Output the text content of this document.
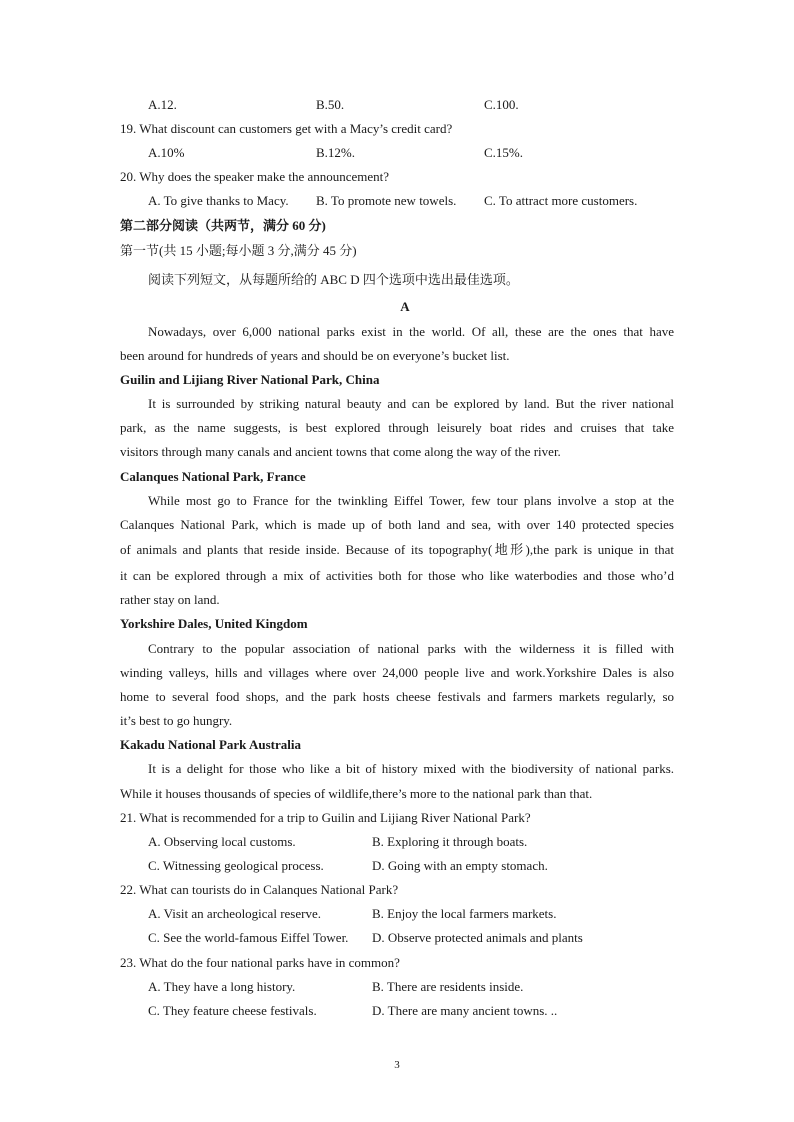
A.12.	B.50.	C.100.
19. What discount can customers get with a Macy’s credit card?
A.10%	B.12%.	C.15%.
20. Why does the speaker make the announcement?
A. To give thanks to Macy. B. To promote new towels. C. To attract more customers.
第二部分阅读（共两节，满分 60 分)
第一节(共 15 小题;每小题 3 分,满分 45 分)
阅读下列短文，从每题所给的 ABC D 四个选项中选出最佳选项。
A
Nowadays, over 6,000 national parks exist in the world. Of all, these are the ones that have
been around for hundreds of years and should be on everyone’s bucket list.
Guilin and Lijiang River National Park, China
It is surrounded by striking natural beauty and can be explored by land. But the river national
park, as the name suggests, is best explored through leisurely boat rides and cruises that take
visitors through many canals and ancient towns that come along the way of the river.
Calanques National Park, France
While most go to France for the twinkling Eiffel Tower, few tour plans involve a stop at the
Calanques National Park, which is made up of both land and sea, with over 140 protected species
of animals and plants that reside inside. Because of its topography(地形),the park is unique in that
it can be explored through a mix of activities both for those who like waterbodies and those who’d
rather stay on land.
Yorkshire Dales, United Kingdom
Contrary to the popular association of national parks with the wilderness it is filled with
winding valleys, hills and villages where over 24,000 people live and work.Yorkshire Dales is also
home to several food shops, and the park hosts cheese festivals and farmers markets regularly, so
it’s best to go hungry.
Kakadu National Park Australia
It is a delight for those who like a bit of history mixed with the biodiversity of national parks.
While it houses thousands of species of wildlife,there’s more to the national park than that.
21. What is recommended for a trip to Guilin and Lijiang River National Park?
A. Observing local customs.	B. Exploring it through boats.
C. Witnessing geological process.	D. Going with an empty stomach.
22. What can tourists do in Calanques National Park?
A. Visit an archeological reserve.	B. Enjoy the local farmers markets.
C. See the world-famous Eiffel Tower. D. Observe protected animals and plants
23. What do the four national parks have in common?
A. They have a long history.	B. There are residents inside.
C. They feature cheese festivals.	D. There are many ancient towns. ..
3
